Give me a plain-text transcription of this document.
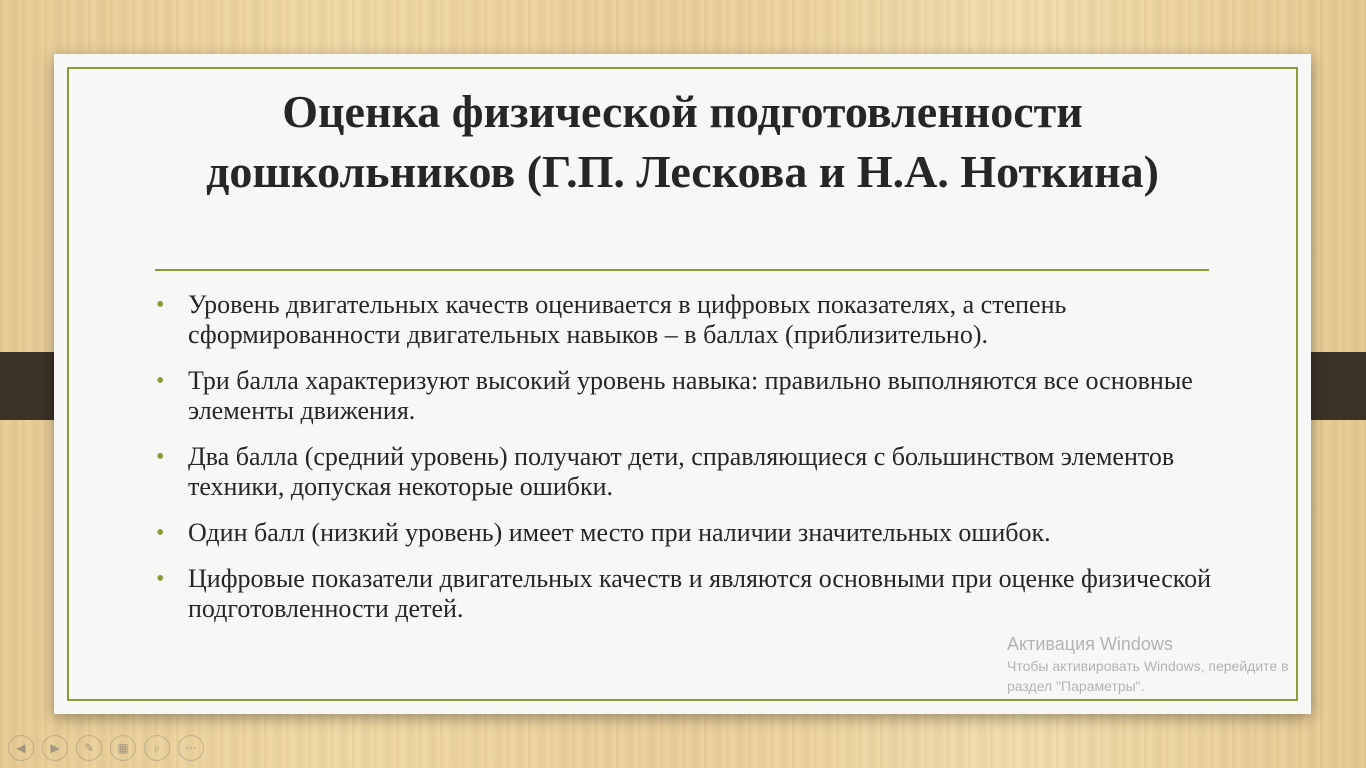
Оценка физической подготовленности
дошкольников (Г.П. Лескова и Н.А. Ноткина)
• Уровень двигательных качеств оценивается в цифровых показателях, а степень сформированности двигательных навыков – в баллах (приблизительно).
• Три балла характеризуют высокий уровень навыка: правильно выполняются все основные элементы движения.
• Два балла (средний уровень) получают дети, справляющиеся с большинством элементов техники, допуская некоторые ошибки.
• Один балл (низкий уровень) имеет место при наличии значительных ошибок.
• Цифровые показатели двигательных качеств и являются основными при оценке физической подготовленности детей.
Активация Windows
Чтобы активировать Windows, перейдите в
раздел "Параметры".
◀	▶	✎	▦	⌕	⋯
